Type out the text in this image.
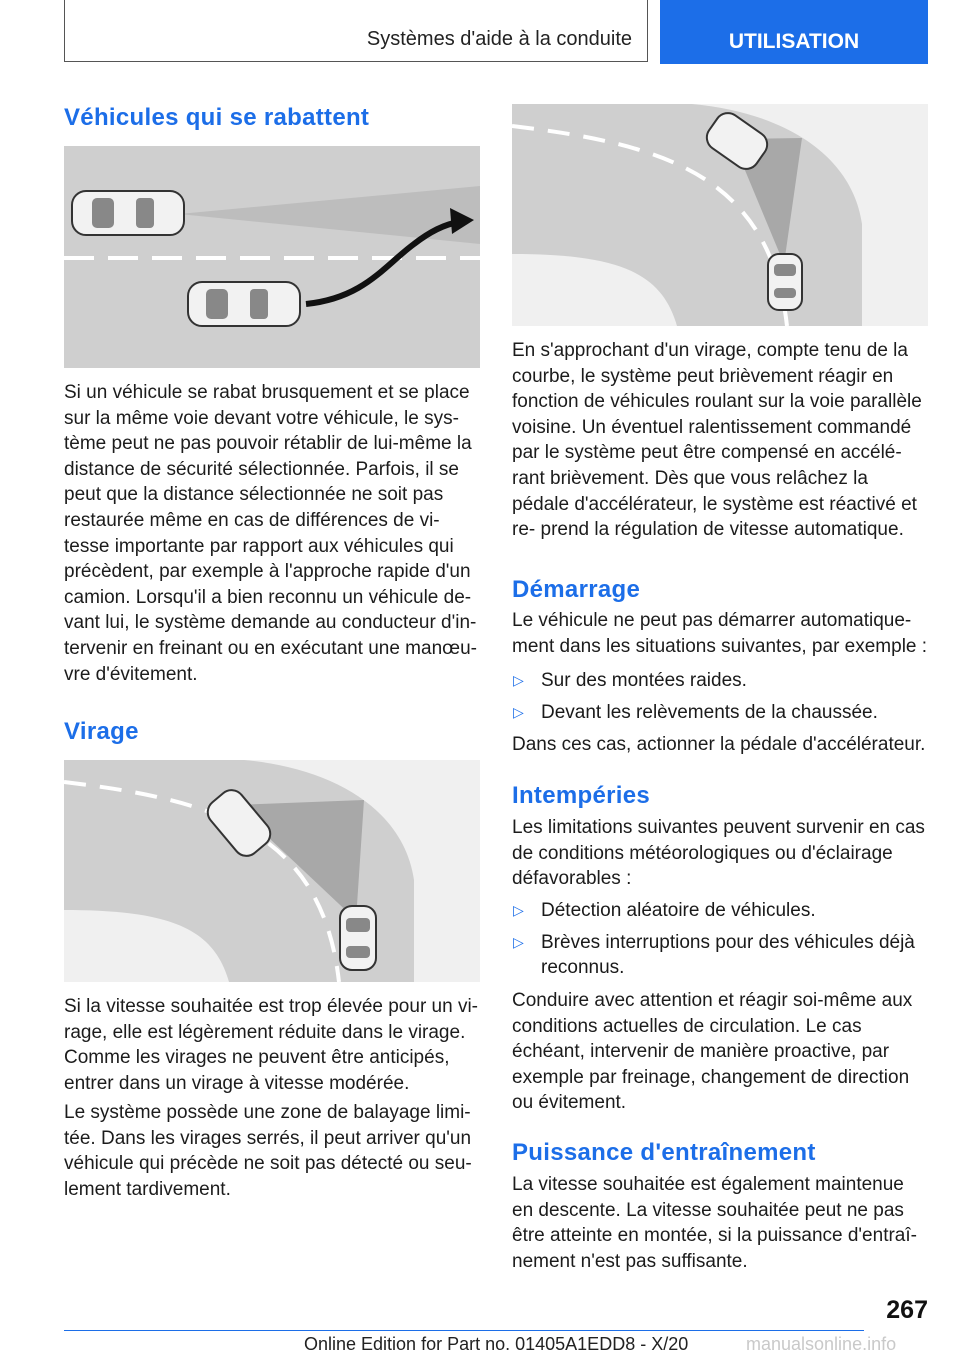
Systèmes d'aide à la conduite	UTILISATION
Véhicules qui se rabattent

Si un véhicule se rabat brusquement et se place sur la même voie devant votre véhicule, le sys‐ tème peut ne pas pouvoir rétablir de lui-même la distance de sécurité sélectionnée. Parfois, il se peut que la distance sélectionnée ne soit pas restaurée même en cas de différences de vi‐ tesse importante par rapport aux véhicules qui précèdent, par exemple à l'approche rapide d'un camion. Lorsqu'il a bien reconnu un véhicule de‐ vant lui, le système demande au conducteur d'in‐ tervenir en freinant ou en exécutant une manœu‐ vre d'évitement.

Virage

Si la vitesse souhaitée est trop élevée pour un vi‐ rage, elle est légèrement réduite dans le virage. Comme les virages ne peuvent être anticipés, entrer dans un virage à vitesse modérée.

Le système possède une zone de balayage limi‐ tée. Dans les virages serrés, il peut arriver qu'un véhicule qui précède ne soit pas détecté ou seu‐ lement tardivement.

En s'approchant d'un virage, compte tenu de la courbe, le système peut brièvement réagir en fonction de véhicules roulant sur la voie parallèle voisine. Un éventuel ralentissement commandé par le système peut être compensé en accélé‐ rant brièvement. Dès que vous relâchez la pédale d'accélérateur, le système est réactivé et re‐ prend la régulation de vitesse automatique.

Démarrage

Le véhicule ne peut pas démarrer automatique‐ ment dans les situations suivantes, par exemple :

▷ Sur des montées raides.
▷ Devant les relèvements de la chaussée.

Dans ces cas, actionner la pédale d'accélérateur.

Intempéries

Les limitations suivantes peuvent survenir en cas de conditions météorologiques ou d'éclairage défavorables :

▷ Détection aléatoire de véhicules.
▷ Brèves interruptions pour des véhicules déjà reconnus.

Conduire avec attention et réagir soi-même aux conditions actuelles de circulation. Le cas échéant, intervenir de manière proactive, par exemple par freinage, changement de direction ou évitement.

Puissance d'entraînement

La vitesse souhaitée est également maintenue en descente. La vitesse souhaitée peut ne pas être atteinte en montée, si la puissance d'entraî‐ nement n'est pas suffisante.

267
Online Edition for Part no. 01405A1EDD8 - X/20	manualsonline.info
